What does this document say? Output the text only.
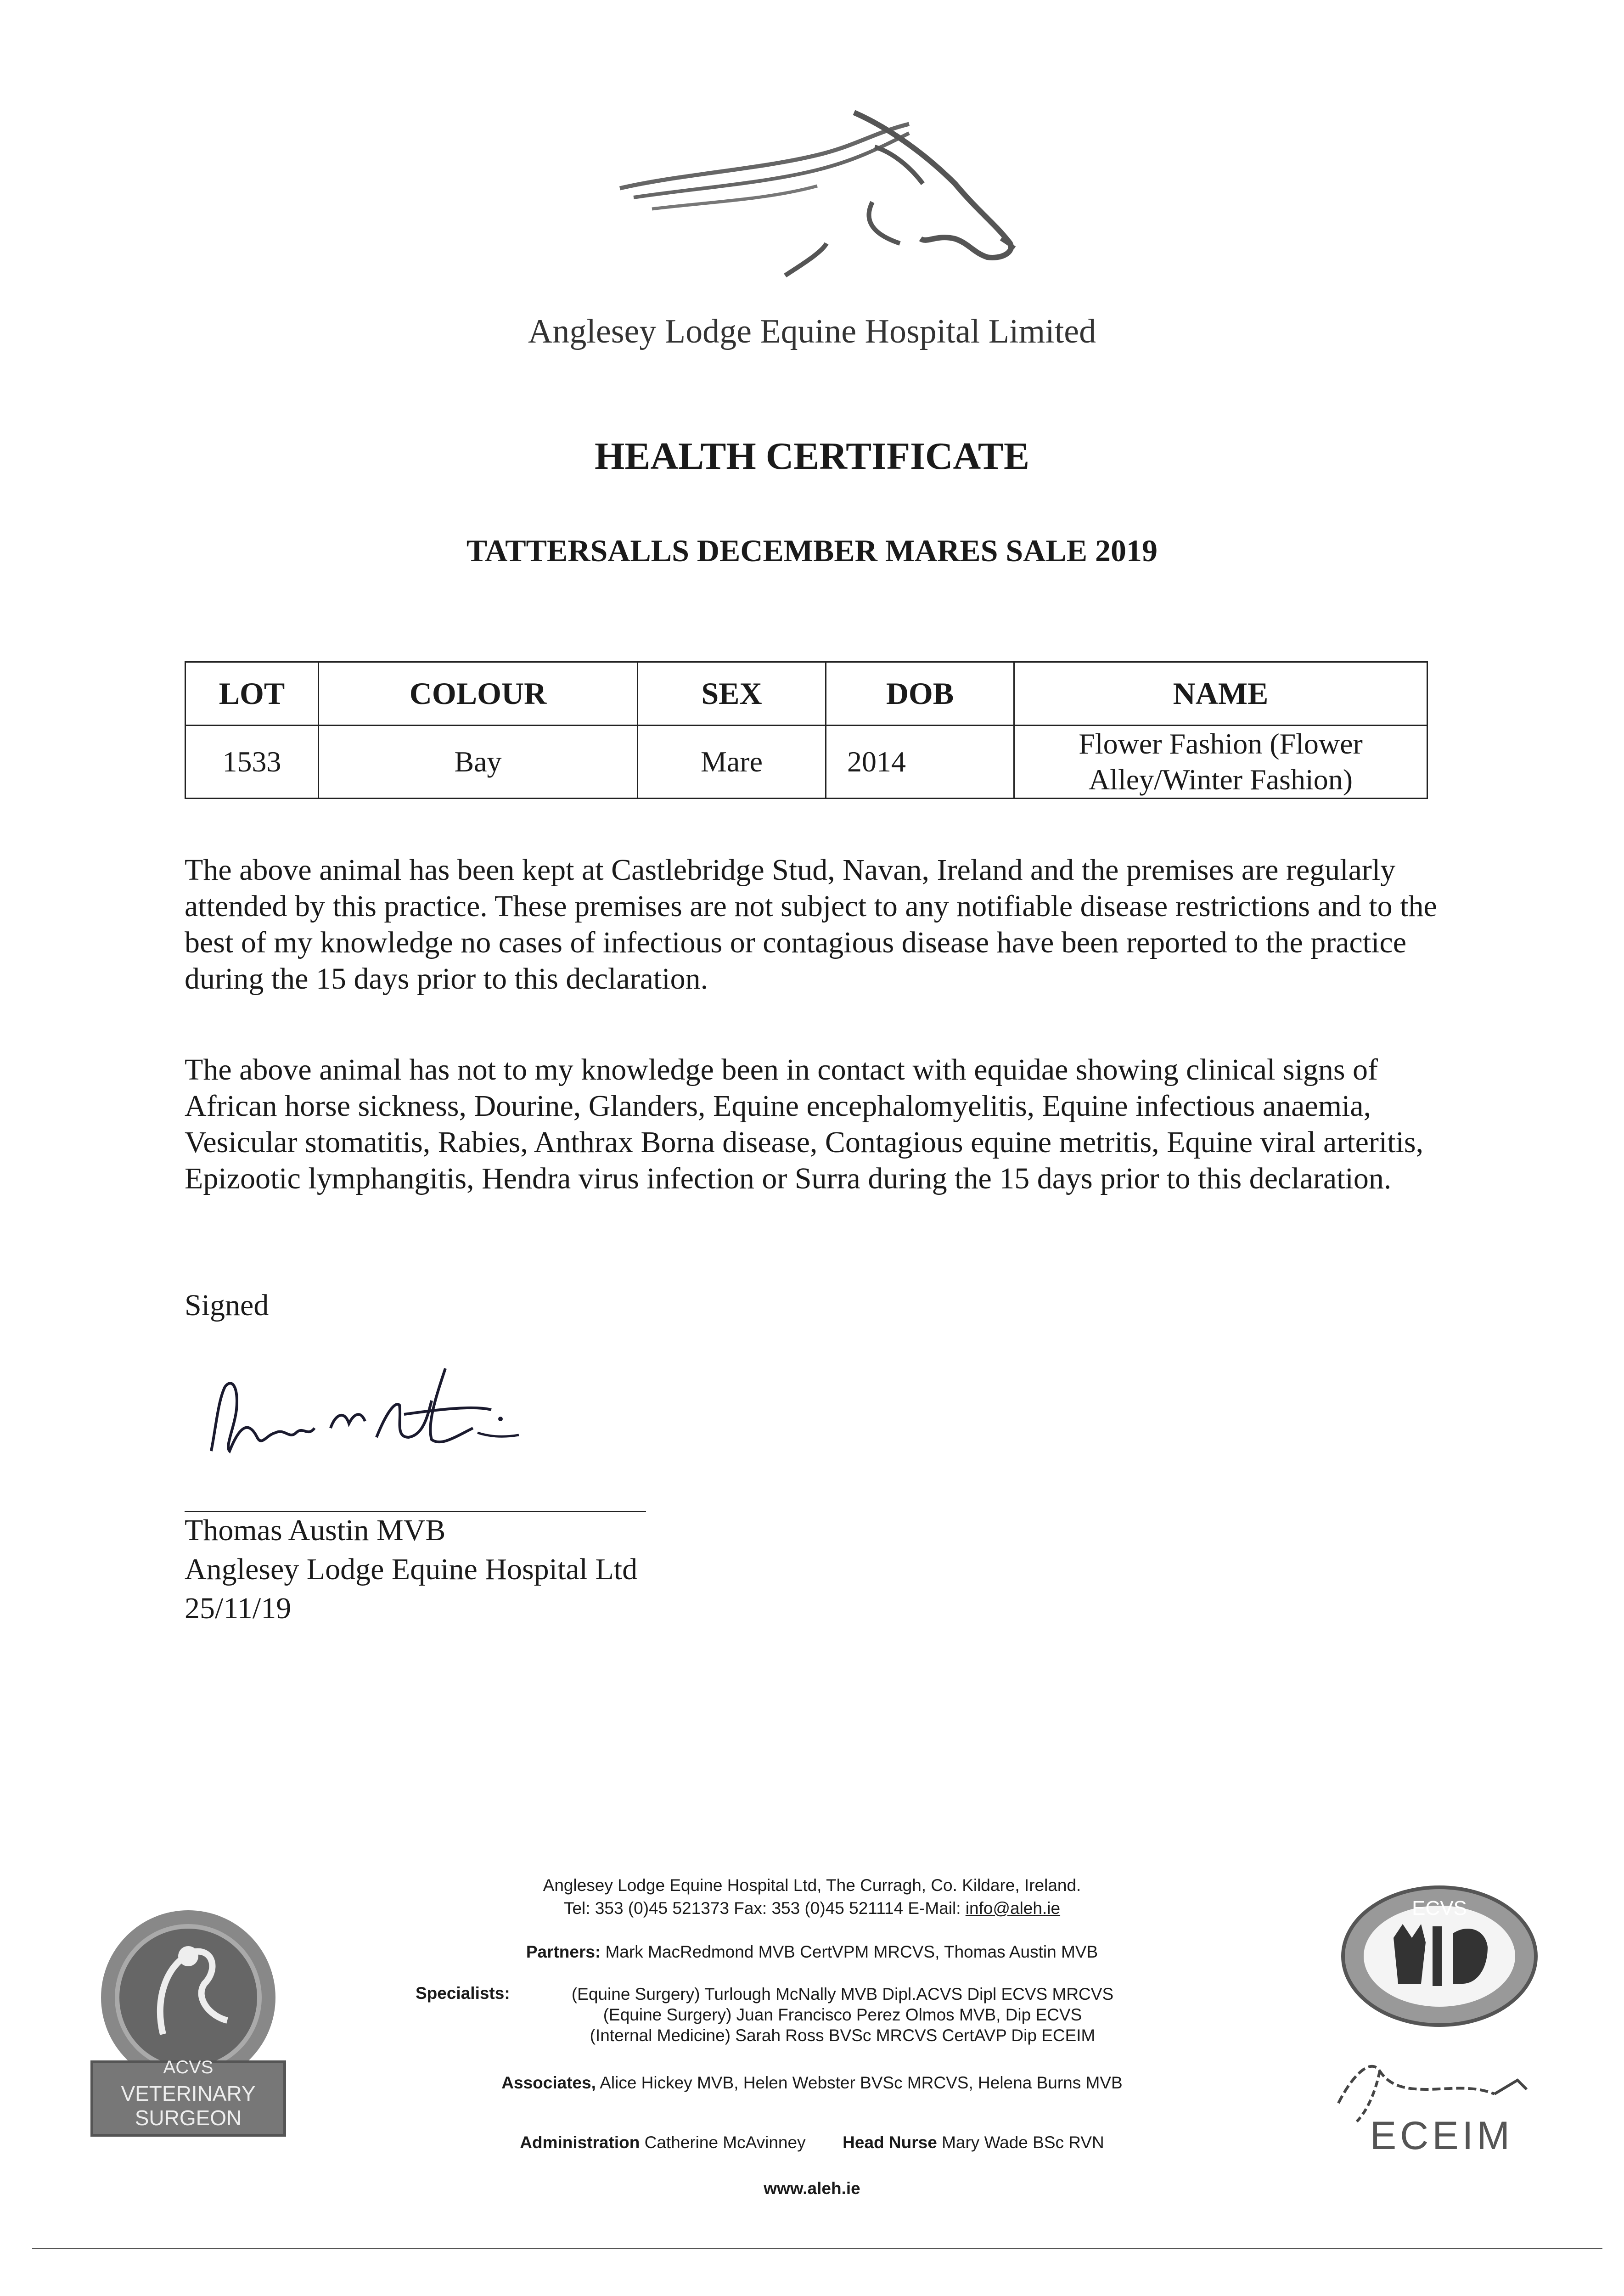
Anglesey Lodge Equine Hospital Limited
HEALTH CERTIFICATE
TATTERSALLS DECEMBER MARES SALE 2019
LOT	COLOUR	SEX	DOB	NAME
1533	Bay	Mare	2014	Flower Fashion (Flower
Alley/Winter Fashion)
The above animal has been kept at Castlebridge Stud, Navan, Ireland and the premises are regularly attended by this practice. These premises are not subject to any notifiable disease restrictions and to the best of my knowledge no cases of infectious or contagious disease have been reported to the practice during the 15 days prior to this declaration.
The above animal has not to my knowledge been in contact with equidae showing clinical signs of African horse sickness, Dourine, Glanders, Equine encephalomyelitis, Equine infectious anaemia, Vesicular stomatitis, Rabies, Anthrax Borna disease, Contagious equine metritis, Equine viral arteritis, Epizootic lymphangitis, Hendra virus infection or Surra during the 15 days prior to this declaration.
Signed
Thomas Austin MVB
Anglesey Lodge Equine Hospital Ltd
25/11/19
Anglesey Lodge Equine Hospital Ltd, The Curragh, Co. Kildare, Ireland.
Tel: 353 (0)45 521373 Fax: 353 (0)45 521114 E-Mail: info@aleh.ie
Partners: Mark MacRedmond MVB CertVPM MRCVS, Thomas Austin MVB
Specialists:	(Equine Surgery) Turlough McNally MVB Dipl.ACVS Dipl ECVS MRCVS
(Equine Surgery) Juan Francisco Perez Olmos MVB, Dip ECVS
(Internal Medicine) Sarah Ross BVSc MRCVS CertAVP Dip ECEIM
Associates, Alice Hickey MVB, Helen Webster BVSc MRCVS, Helena Burns MVB
Administration Catherine McAvinney Head Nurse Mary Wade BSc RVN
www.aleh.ie
ACVS
VETERINARY
SURGEON
ECVS
ECEIM
